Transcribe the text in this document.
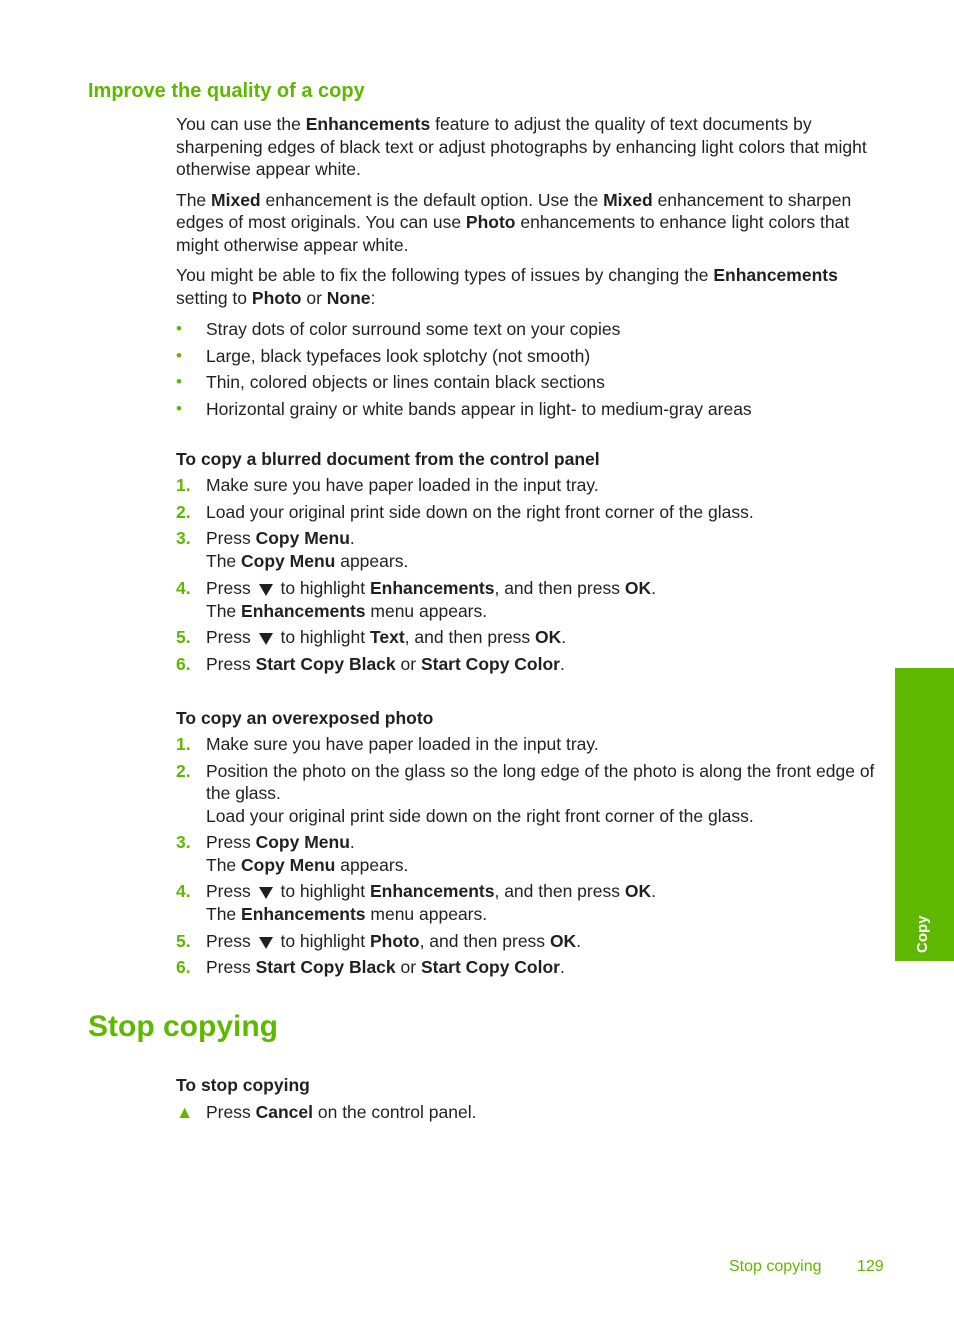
Improve the quality of a copy

You can use the Enhancements feature to adjust the quality of text documents by sharpening edges of black text or adjust photographs by enhancing light colors that might otherwise appear white.

The Mixed enhancement is the default option. Use the Mixed enhancement to sharpen edges of most originals. You can use Photo enhancements to enhance light colors that might otherwise appear white.

You might be able to fix the following types of issues by changing the Enhancements setting to Photo or None:

• Stray dots of color surround some text on your copies
• Large, black typefaces look splotchy (not smooth)
• Thin, colored objects or lines contain black sections
• Horizontal grainy or white bands appear in light- to medium-gray areas

To copy a blurred document from the control panel

1. Make sure you have paper loaded in the input tray.
2. Load your original print side down on the right front corner of the glass.
3. Press Copy Menu.
The Copy Menu appears.
4. Press  to highlight Enhancements, and then press OK.
The Enhancements menu appears.
5. Press  to highlight Text, and then press OK.
6. Press Start Copy Black or Start Copy Color.

To copy an overexposed photo

1. Make sure you have paper loaded in the input tray.
2. Position the photo on the glass so the long edge of the photo is along the front edge of the glass.
Load your original print side down on the right front corner of the glass.
3. Press Copy Menu.
The Copy Menu appears.
4. Press  to highlight Enhancements, and then press OK.
The Enhancements menu appears.
5. Press  to highlight Photo, and then press OK.
6. Press Start Copy Black or Start Copy Color.
Stop copying

To stop copying

▲ Press Cancel on the control panel.
Copy
Stop copying 129
